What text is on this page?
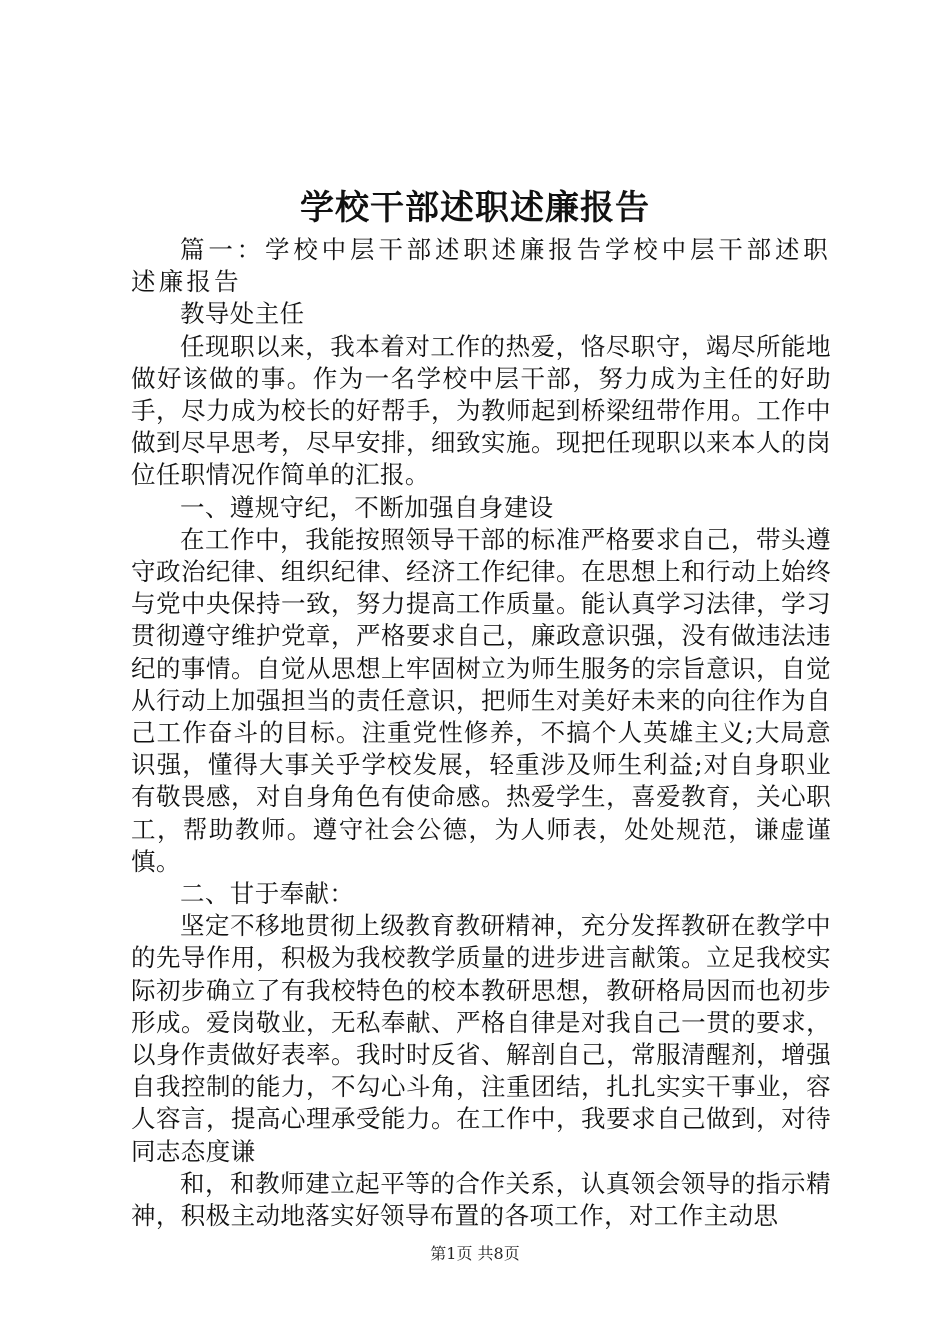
学校干部述职述廉报告

篇一：学校中层干部述职述廉报告学校中层干部述职述廉报告

教导处主任

任现职以来，我本着对工作的热爱，恪尽职守，竭尽所能地做好该做的事。作为一名学校中层干部，努力成为主任的好助手，尽力成为校长的好帮手，为教师起到桥梁纽带作用。工作中做到尽早思考，尽早安排，细致实施。现把任现职以来本人的岗位任职情况作简单的汇报。

一、遵规守纪，不断加强自身建设

在工作中，我能按照领导干部的标准严格要求自己，带头遵守政治纪律、组织纪律、经济工作纪律。在思想上和行动上始终与党中央保持一致，努力提高工作质量。能认真学习法律，学习贯彻遵守维护党章，严格要求自己，廉政意识强，没有做违法违纪的事情。自觉从思想上牢固树立为师生服务的宗旨意识，自觉从行动上加强担当的责任意识，把师生对美好未来的向往作为自己工作奋斗的目标。注重党性修养，不搞个人英雄主义;大局意识强，懂得大事关乎学校发展，轻重涉及师生利益;对自身职业有敬畏感，对自身角色有使命感。热爱学生，喜爱教育，关心职工，帮助教师。遵守社会公德，为人师表，处处规范，谦虚谨慎。

二、甘于奉献：

坚定不移地贯彻上级教育教研精神，充分发挥教研在教学中的先导作用，积极为我校教学质量的进步进言献策。立足我校实际初步确立了有我校特色的校本教研思想，教研格局因而也初步形成。爱岗敬业，无私奉献、严格自律是对我自己一贯的要求，以身作责做好表率。我时时反省、解剖自己，常服清醒剂，增强自我控制的能力，不勾心斗角，注重团结，扎扎实实干事业，容人容言，提高心理承受能力。在工作中，我要求自己做到，对待同志态度谦

和，和教师建立起平等的合作关系，认真领会领导的指示精神，积极主动地落实好领导布置的各项工作，对工作主动思

第1页 共8页
